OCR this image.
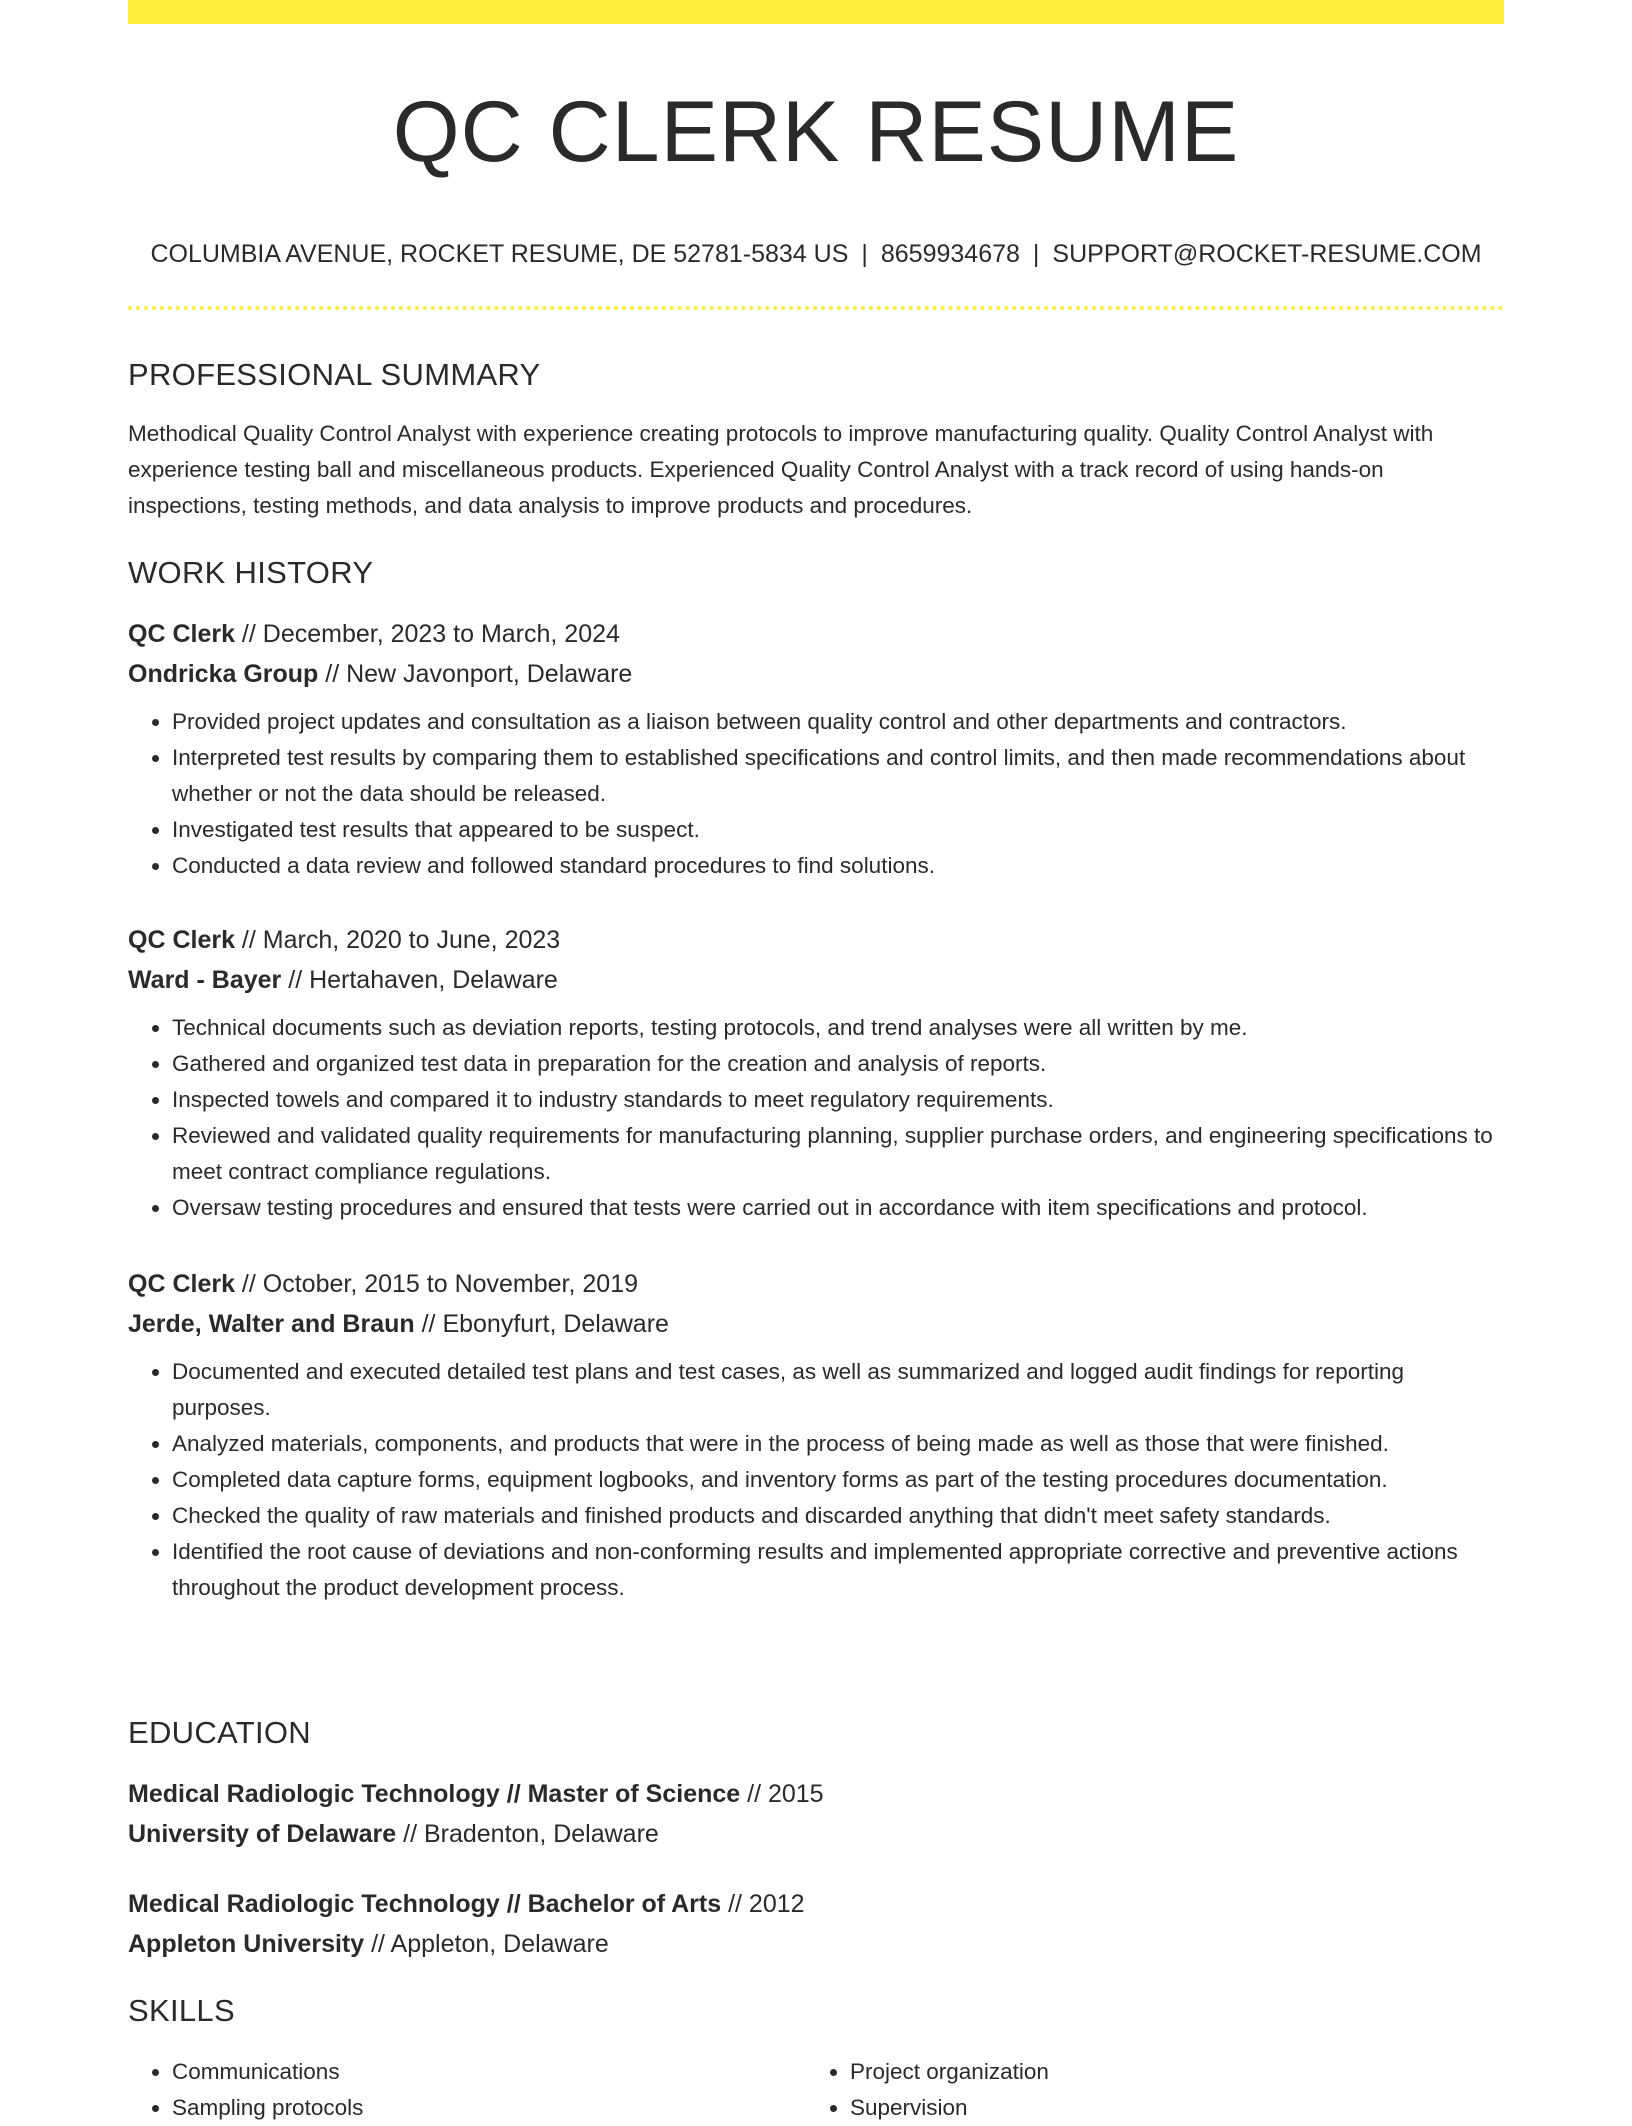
QC CLERK RESUME
COLUMBIA AVENUE, ROCKET RESUME, DE 52781-5834 US | 8659934678 | SUPPORT@ROCKET-RESUME.COM
PROFESSIONAL SUMMARY
Methodical Quality Control Analyst with experience creating protocols to improve manufacturing quality. Quality Control Analyst with experience testing ball and miscellaneous products. Experienced Quality Control Analyst with a track record of using hands-on inspections, testing methods, and data analysis to improve products and procedures.
WORK HISTORY
QC Clerk // December, 2023 to March, 2024
Ondricka Group // New Javonport, Delaware
• Provided project updates and consultation as a liaison between quality control and other departments and contractors.
• Interpreted test results by comparing them to established specifications and control limits, and then made recommendations about whether or not the data should be released.
• Investigated test results that appeared to be suspect.
• Conducted a data review and followed standard procedures to find solutions.
QC Clerk // March, 2020 to June, 2023
Ward - Bayer // Hertahaven, Delaware
• Technical documents such as deviation reports, testing protocols, and trend analyses were all written by me.
• Gathered and organized test data in preparation for the creation and analysis of reports.
• Inspected towels and compared it to industry standards to meet regulatory requirements.
• Reviewed and validated quality requirements for manufacturing planning, supplier purchase orders, and engineering specifications to meet contract compliance regulations.
• Oversaw testing procedures and ensured that tests were carried out in accordance with item specifications and protocol.
QC Clerk // October, 2015 to November, 2019
Jerde, Walter and Braun // Ebonyfurt, Delaware
• Documented and executed detailed test plans and test cases, as well as summarized and logged audit findings for reporting purposes.
• Analyzed materials, components, and products that were in the process of being made as well as those that were finished.
• Completed data capture forms, equipment logbooks, and inventory forms as part of the testing procedures documentation.
• Checked the quality of raw materials and finished products and discarded anything that didn't meet safety standards.
• Identified the root cause of deviations and non-conforming results and implemented appropriate corrective and preventive actions throughout the product development process.
EDUCATION
Medical Radiologic Technology // Master of Science // 2015
University of Delaware // Bradenton, Delaware
Medical Radiologic Technology // Bachelor of Arts // 2012
Appleton University // Appleton, Delaware
SKILLS
• Communications
• Sampling protocols
• Project organization
• Supervision
